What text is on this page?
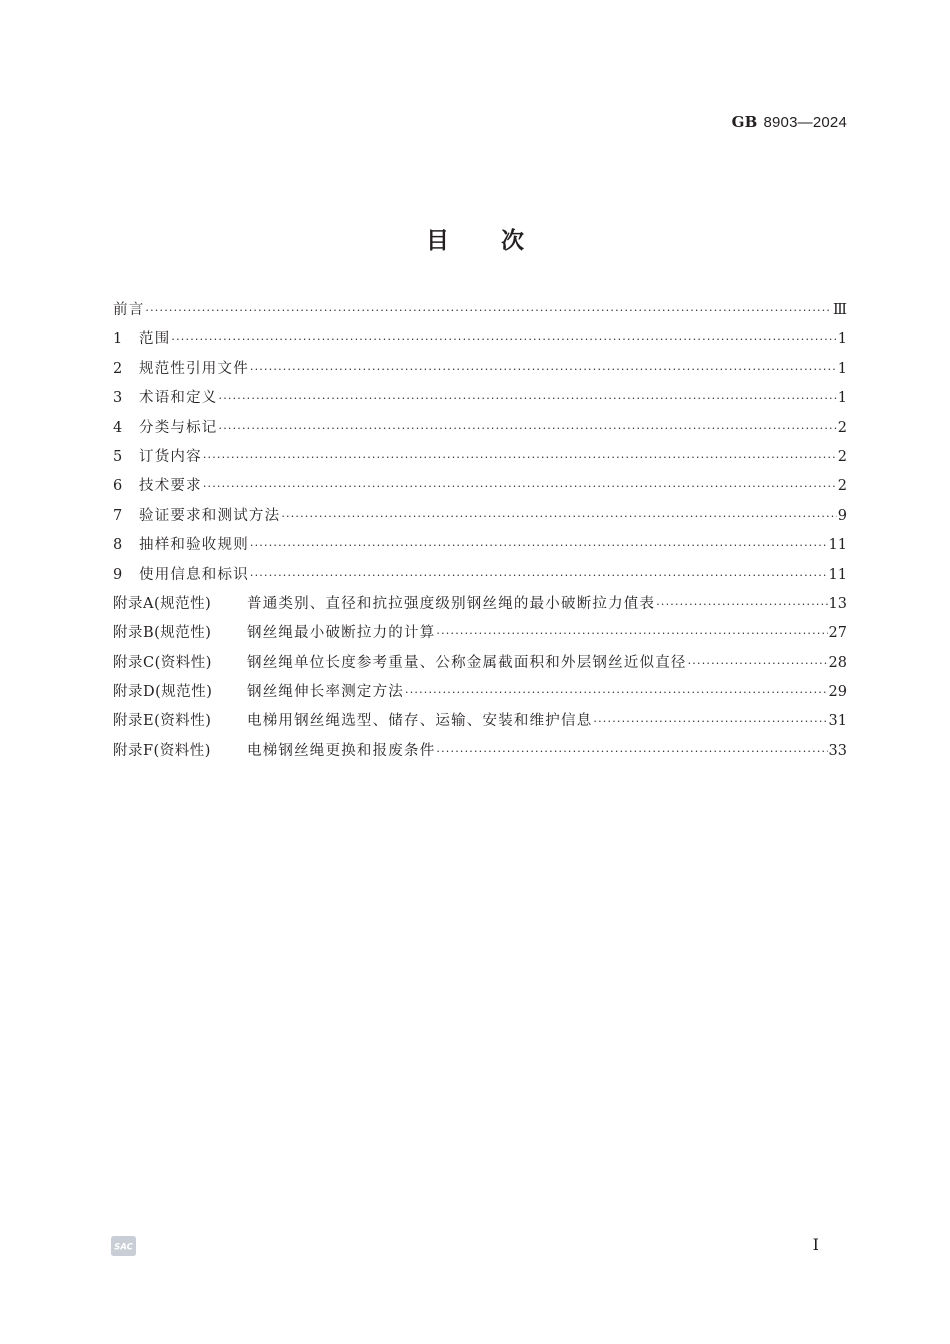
GB 8903—2024
目次
前言 ·····	Ⅲ
1	范围 ·····	1
2	规范性引用文件 ·····	1
3	术语和定义 ·····	1
4	分类与标记 ·····	2
5	订货内容 ·····	2
6	技术要求 ·····	2
7	验证要求和测试方法 ·····	9
8	抽样和验收规则 ·····	11
9	使用信息和标识 ·····	11
附录A(规范性)	普通类别、直径和抗拉强度级别钢丝绳的最小破断拉力值表 ·····	13
附录B(规范性)	钢丝绳最小破断拉力的计算 ·····	27
附录C(资料性)	钢丝绳单位长度参考重量、公称金属截面积和外层钢丝近似直径 ·····	28
附录D(规范性)	钢丝绳伸长率测定方法 ·····	29
附录E(资料性)	电梯用钢丝绳选型、储存、运输、安装和维护信息 ·····	31
附录F(资料性)	电梯钢丝绳更换和报废条件 ·····	33
SAC	Ⅰ
